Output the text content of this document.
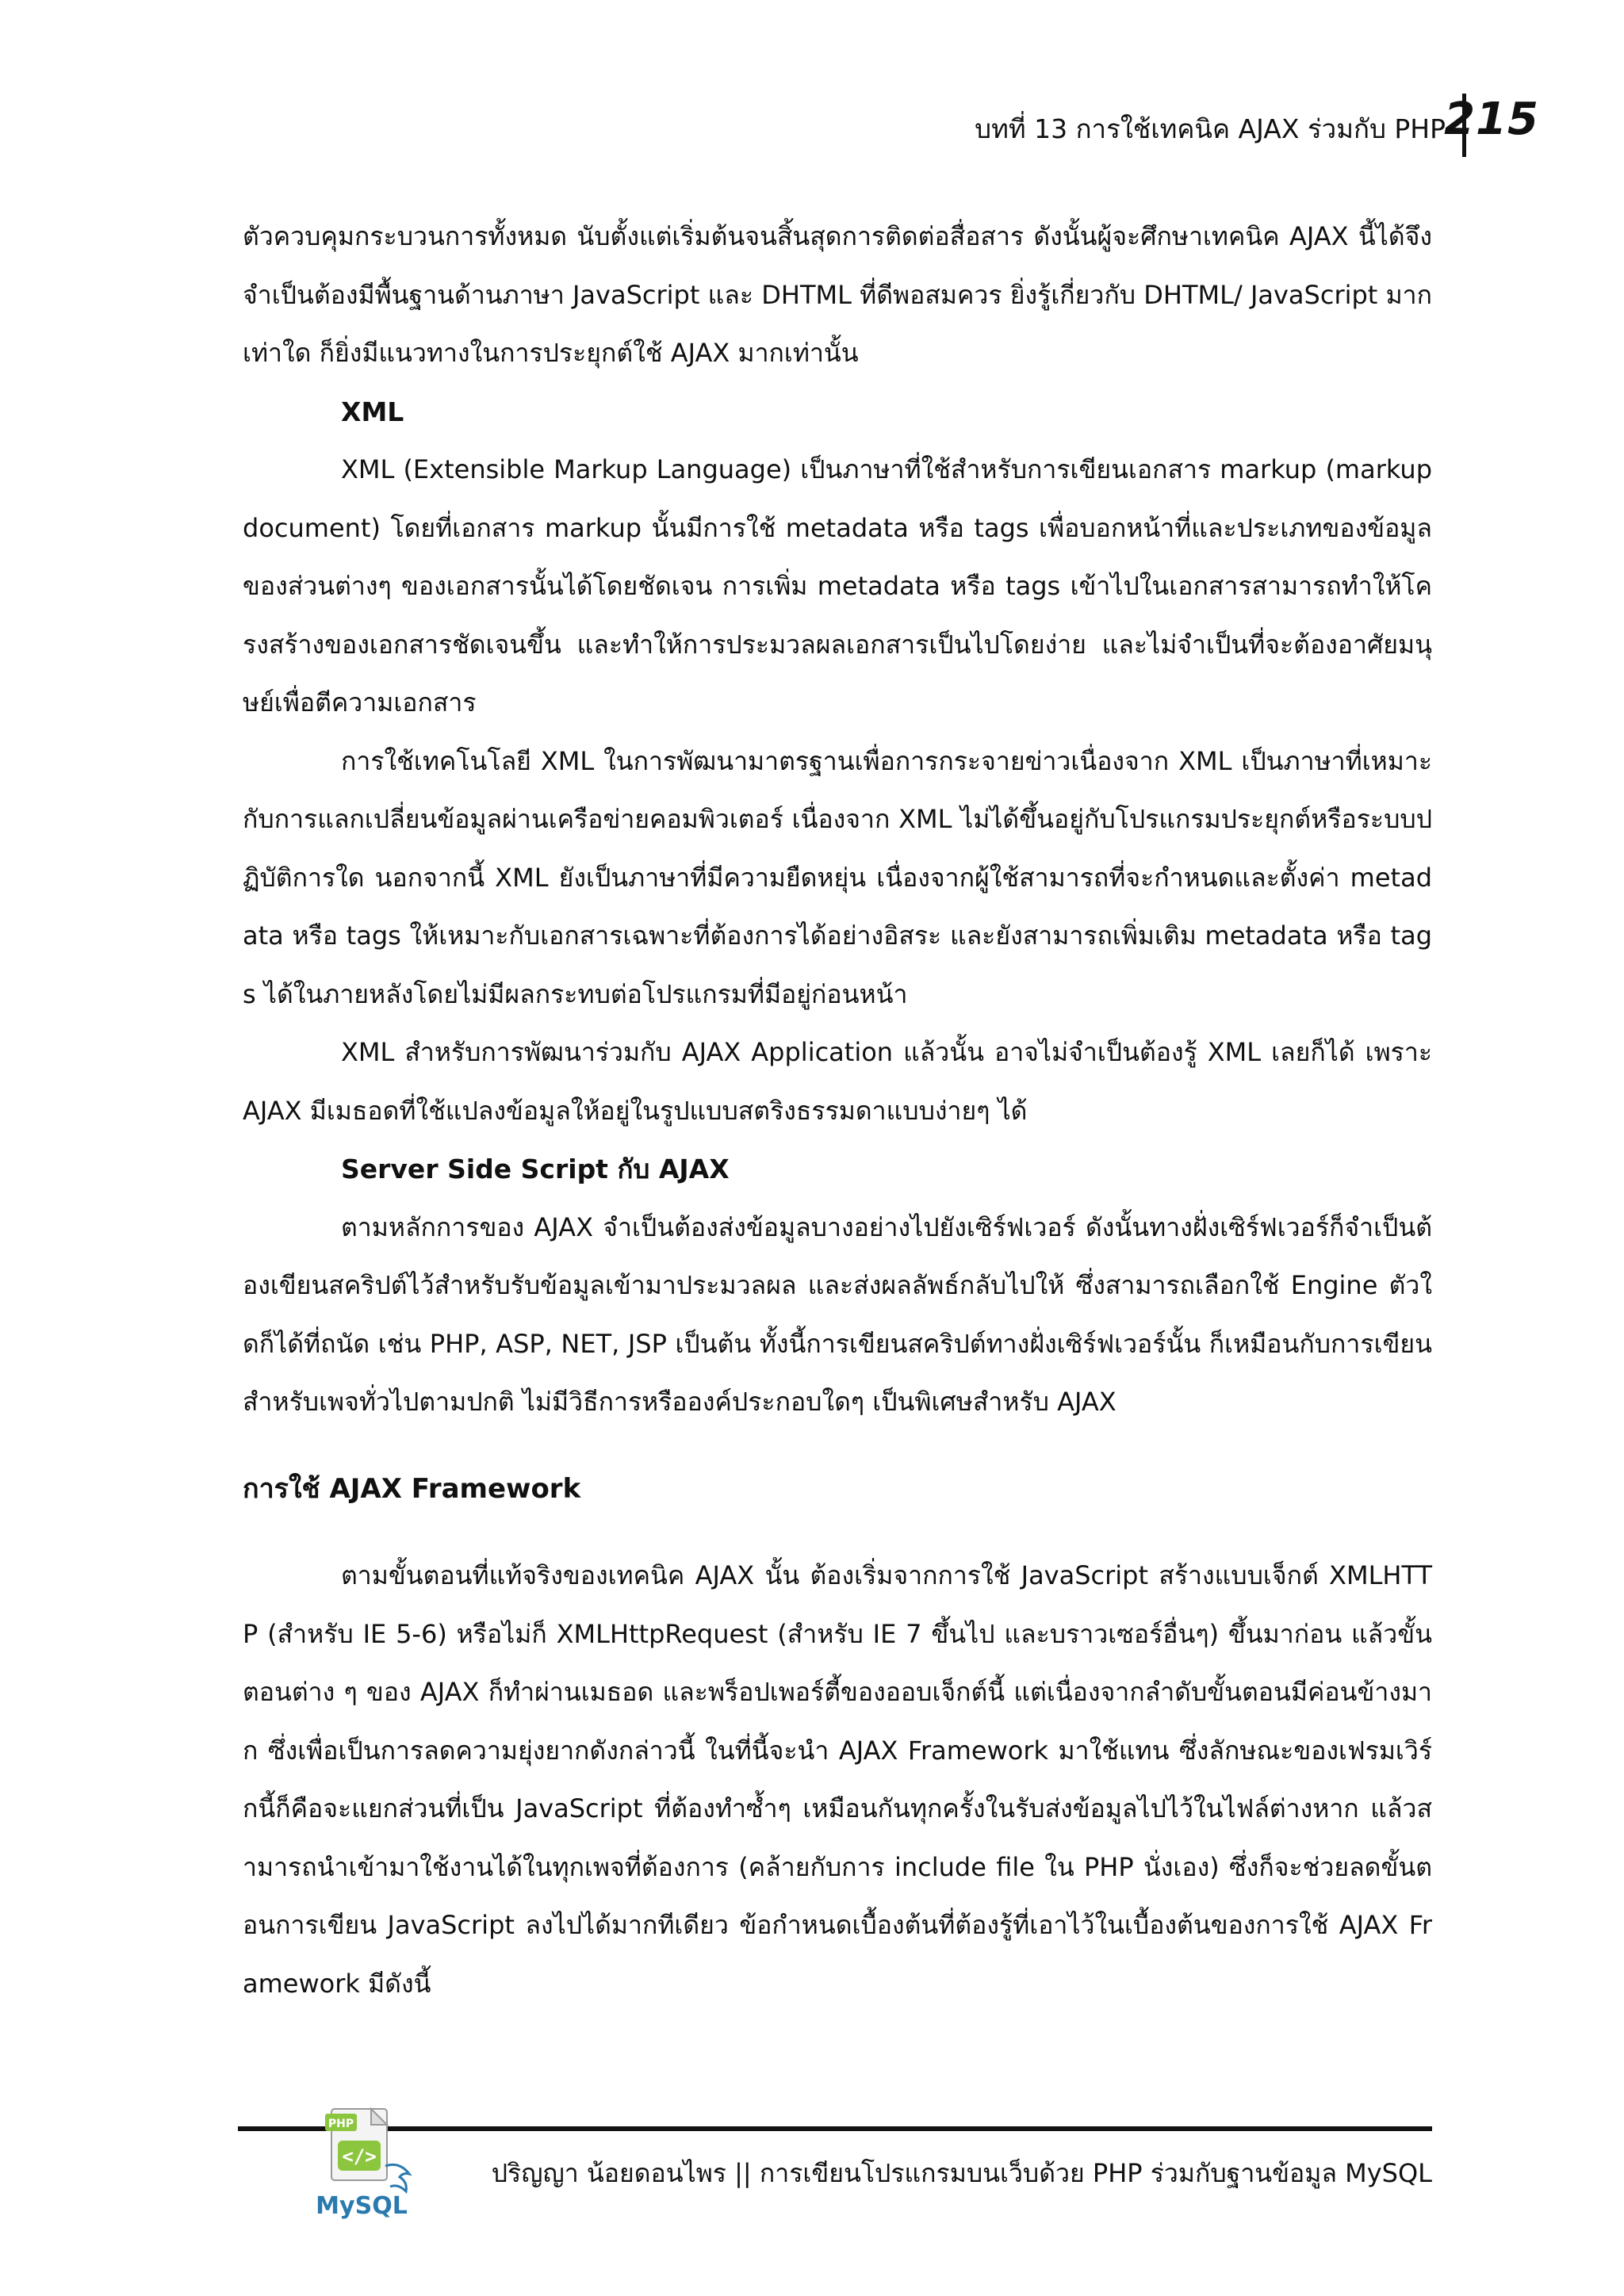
บทที่ 13 การใช้เทคนิค AJAX ร่วมกับ PHP
215

ตัวควบคุมกระบวนการทั้งหมด นับตั้งแต่เริ่มต้นจนสิ้นสุดการติดต่อสื่อสาร ดังนั้นผู้จะศึกษาเทคนิค AJAX นี้ได้จึงจำเป็นต้องมีพื้นฐานด้านภาษา JavaScript และ DHTML ที่ดีพอสมควร ยิ่งรู้เกี่ยวกับ DHTML/ JavaScript มากเท่าใด ก็ยิ่งมีแนวทางในการประยุกต์ใช้ AJAX มากเท่านั้น

XML

XML (Extensible Markup Language) เป็นภาษาที่ใช้สำหรับการเขียนเอกสาร markup (markup document) โดยที่เอกสาร markup นั้นมีการใช้ metadata หรือ tags เพื่อบอกหน้าที่และประเภทของข้อมูลของส่วนต่างๆ ของเอกสารนั้นได้โดยชัดเจน การเพิ่ม metadata หรือ tags เข้าไปในเอกสารสามารถทำให้โครงสร้างของเอกสารชัดเจนขึ้น และทำให้การประมวลผลเอกสารเป็นไปโดยง่าย และไม่จำเป็นที่จะต้องอาศัยมนุษย์เพื่อตีความเอกสาร

การใช้เทคโนโลยี XML ในการพัฒนามาตรฐานเพื่อการกระจายข่าวเนื่องจาก XML เป็นภาษาที่เหมาะกับการแลกเปลี่ยนข้อมูลผ่านเครือข่ายคอมพิวเตอร์ เนื่องจาก XML ไม่ได้ขึ้นอยู่กับโปรแกรมประยุกต์หรือระบบปฏิบัติการใด นอกจากนี้ XML ยังเป็นภาษาที่มีความยืดหยุ่น เนื่องจากผู้ใช้สามารถที่จะกำหนดและตั้งค่า metadata หรือ tags ให้เหมาะกับเอกสารเฉพาะที่ต้องการได้อย่างอิสระ และยังสามารถเพิ่มเติม metadata หรือ tags ได้ในภายหลังโดยไม่มีผลกระทบต่อโปรแกรมที่มีอยู่ก่อนหน้า

XML สำหรับการพัฒนาร่วมกับ AJAX Application แล้วนั้น อาจไม่จำเป็นต้องรู้ XML เลยก็ได้ เพราะ AJAX มีเมธอดที่ใช้แปลงข้อมูลให้อยู่ในรูปแบบสตริงธรรมดาแบบง่ายๆ ได้

Server Side Script กับ AJAX

ตามหลักการของ AJAX จำเป็นต้องส่งข้อมูลบางอย่างไปยังเซิร์ฟเวอร์ ดังนั้นทางฝั่งเซิร์ฟเวอร์ก็จำเป็นต้องเขียนสคริปต์ไว้สำหรับรับข้อมูลเข้ามาประมวลผล และส่งผลลัพธ์กลับไปให้ ซึ่งสามารถเลือกใช้ Engine ตัวใดก็ได้ที่ถนัด เช่น PHP, ASP, NET, JSP เป็นต้น ทั้งนี้การเขียนสคริปต์ทางฝั่งเซิร์ฟเวอร์นั้น ก็เหมือนกับการเขียนสำหรับเพจทั่วไปตามปกติ ไม่มีวิธีการหรือองค์ประกอบใดๆ เป็นพิเศษสำหรับ AJAX

การใช้ AJAX Framework

ตามขั้นตอนที่แท้จริงของเทคนิค AJAX นั้น ต้องเริ่มจากการใช้ JavaScript สร้างแบบเจ็กต์ XMLHTTP (สำหรับ IE 5-6) หรือไม่ก็ XMLHttpRequest (สำหรับ IE 7 ขึ้นไป และบราวเซอร์อื่นๆ) ขึ้นมาก่อน แล้วขั้นตอนต่าง ๆ ของ AJAX ก็ทำผ่านเมธอด และพร็อปเพอร์ตี้ของออบเจ็กต์นี้ แต่เนื่องจากลำดับขั้นตอนมีค่อนข้างมาก ซึ่งเพื่อเป็นการลดความยุ่งยากดังกล่าวนี้ ในที่นี้จะนำ AJAX Framework มาใช้แทน ซึ่งลักษณะของเฟรมเวิร์กนี้ก็คือจะแยกส่วนที่เป็น JavaScript ที่ต้องทำซ้ำๆ เหมือนกันทุกครั้งในรับส่งข้อมูลไปไว้ในไฟล์ต่างหาก แล้วสามารถนำเข้ามาใช้งานได้ในทุกเพจที่ต้องการ (คล้ายกับการ include file ใน PHP นั่งเอง) ซึ่งก็จะช่วยลดขั้นตอนการเขียน JavaScript ลงไปได้มากทีเดียว ข้อกำหนดเบื้องต้นที่ต้องรู้ที่เอาไว้ในเบื้องต้นของการใช้ AJAX Framework มีดังนี้

PHP
</>
MySQL
ปริญญา น้อยดอนไพร || การเขียนโปรแกรมบนเว็บด้วย PHP ร่วมกับฐานข้อมูล MySQL
